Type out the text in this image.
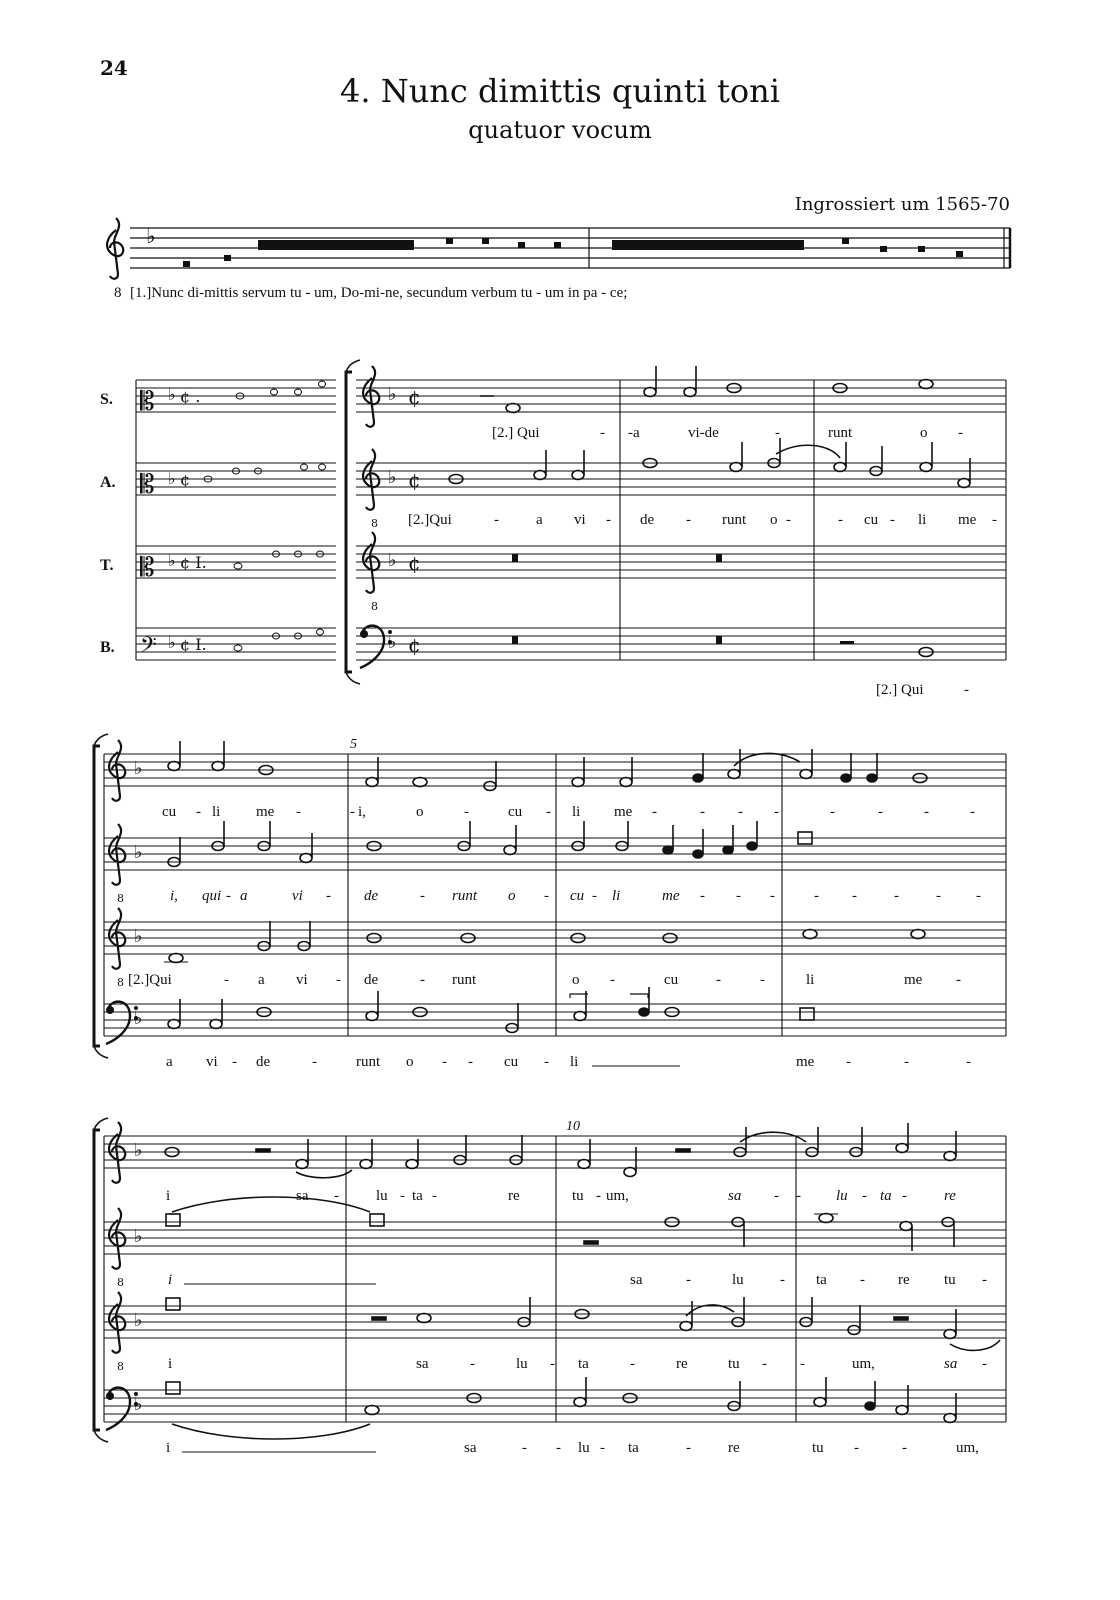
24
4. Nunc dimittis quinti toni
quatuor vocum
Ingrossiert um 1565-70
♭
8 [1.]Nunc di-mittis servum tu - um, Do-mi-ne, secundum verbum tu - um in pa - ce;
S.
A.
T.
B.
𝄡
𝄡
𝄡
𝄢
♭
♭
♭
♭
¢ .
¢
¢ I.
¢ I.
♭ ¢
♭ ¢
♭ ¢
♭ ¢
8
8
[2.] Qui	- -a	vi-de	-	runt	o -
[2.]Qui	- a vi - de - runt o -	- cu - li me -
[2.] Qui	-
5
♭
♭
♭
♭
8
8
cu - li me -	- i,	o	-	cu - li me -	- - -	-	-	-	-
i, qui - a	vi - de	- runt o - cu - li	me - - -	- - - - -
[2.]Qui	- a vi - de	- runt	o -	cu	-	-	li	me -
a vi - de	-	runt o - - cu - li	me -	-	-
10
♭
♭
♭
♭
8
8
i	sa - lu - ta -	re	tu - um,	sa - - lu - ta - re
i	sa	-	lu - ta - re tu -
i	sa	-	lu - ta	-	re	tu - -	um,	sa -
i	sa	- - lu - ta	- re	tu -	-	um,
